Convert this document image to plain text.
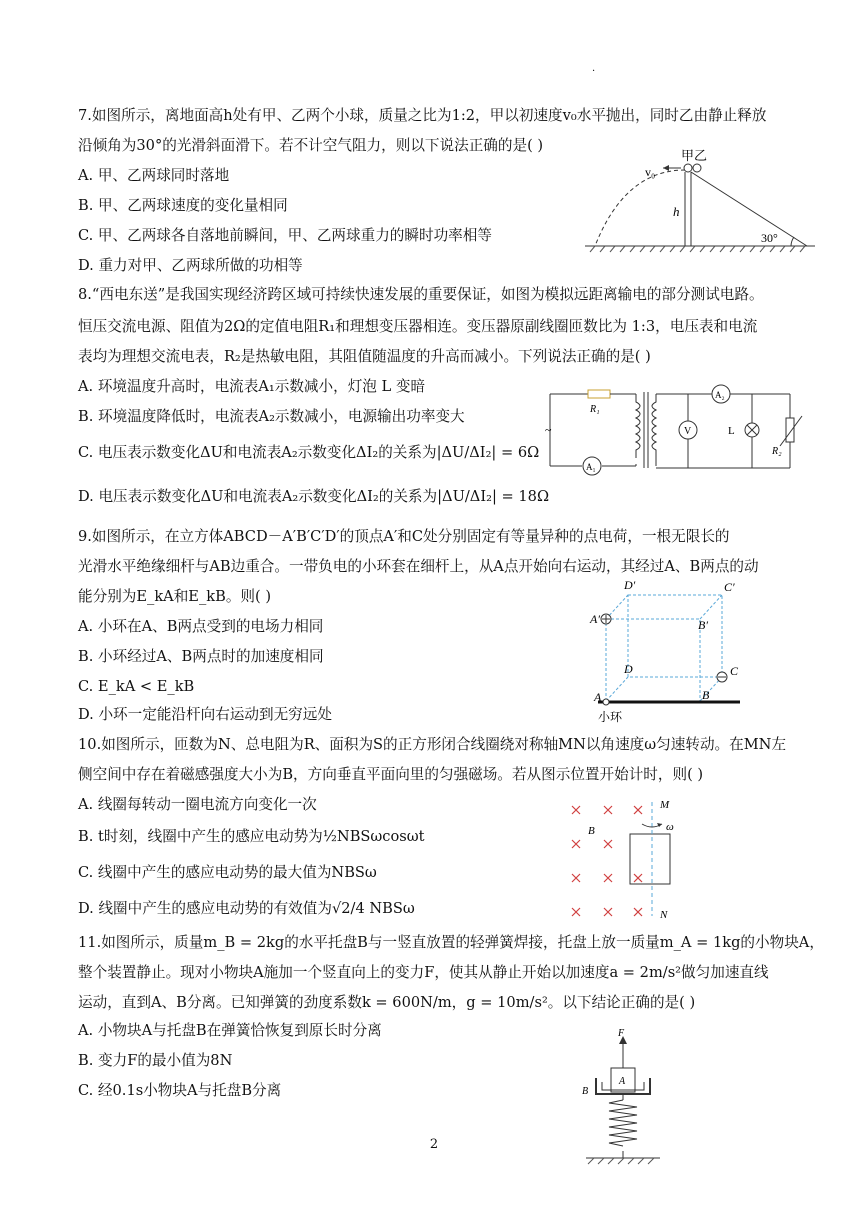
·
7.如图所示，离地面高h处有甲、乙两个小球，质量之比为1:2，甲以初速度v₀水平抛出，同时乙由静止释放
沿倾角为30°的光滑斜面滑下。若不计空气阻力，则以下说法正确的是( )
A. 甲、乙两球同时落地
B. 甲、乙两球速度的变化量相同
C. 甲、乙两球各自落地前瞬间，甲、乙两球重力的瞬时功率相等
D. 重力对甲、乙两球所做的功相等
甲乙
v₀
h
30°
8.“西电东送”是我国实现经济跨区域可持续快速发展的重要保证，如图为模拟远距离输电的部分测试电路。
恒压交流电源、阻值为2Ω的定值电阻R₁和理想变压器相连。变压器原副线圈匝数比为 1:3，电压表和电流
表均为理想交流电表，R₂是热敏电阻，其阻值随温度的升高而减小。下列说法正确的是( )
A. 环境温度升高时，电流表A₁示数减小，灯泡 L 变暗
B. 环境温度降低时，电流表A₂示数减小，电源输出功率变大
C. 电压表示数变化ΔU和电流表A₂示数变化ΔI₂的关系为|ΔU/ΔI₂| = 6Ω
D. 电压表示数变化ΔU和电流表A₂示数变化ΔI₂的关系为|ΔU/ΔI₂| = 18Ω
~
R₁
A₁
A₂
V	L
R₂
9.如图所示，在立方体ABCD－A′B′C′D′的顶点A′和C处分别固定有等量异种的点电荷，一根无限长的
光滑水平绝缘细杆与AB边重合。一带负电的小环套在细杆上，从A点开始向右运动，其经过A、B两点的动
能分别为E_kA和E_kB。则( )
A. 小环在A、B两点受到的电场力相同
B. 小环经过A、B两点时的加速度相同
C. E_kA < E_kB
D. 小环一定能沿杆向右运动到无穷远处
D′	C′
A′	B′
D	C
A	B
小环
10.如图所示，匝数为N、总电阻为R、面积为S的正方形闭合线圈绕对称轴MN以角速度ω匀速转动。在MN左
侧空间中存在着磁感强度大小为B，方向垂直平面向里的匀强磁场。若从图示位置开始计时，则( )
A. 线圈每转动一圈电流方向变化一次
B. t时刻，线圈中产生的感应电动势为½NBSωcosωt
C. 线圈中产生的感应电动势的最大值为NBSω
D. 线圈中产生的感应电动势的有效值为√2/4 NBSω
M
N
B	ω
11.如图所示，质量m_B = 2kg的水平托盘B与一竖直放置的轻弹簧焊接，托盘上放一质量m_A = 1kg的小物块A，
整个装置静止。现对小物块A施加一个竖直向上的变力F，使其从静止开始以加速度a = 2m/s²做匀加速直线
运动，直到A、B分离。已知弹簧的劲度系数k = 600N/m，g = 10m/s²。以下结论正确的是( )
A. 小物块A与托盘B在弹簧恰恢复到原长时分离
B. 变力F的最小值为8N
C. 经0.1s小物块A与托盘B分离
F
A
B
2
